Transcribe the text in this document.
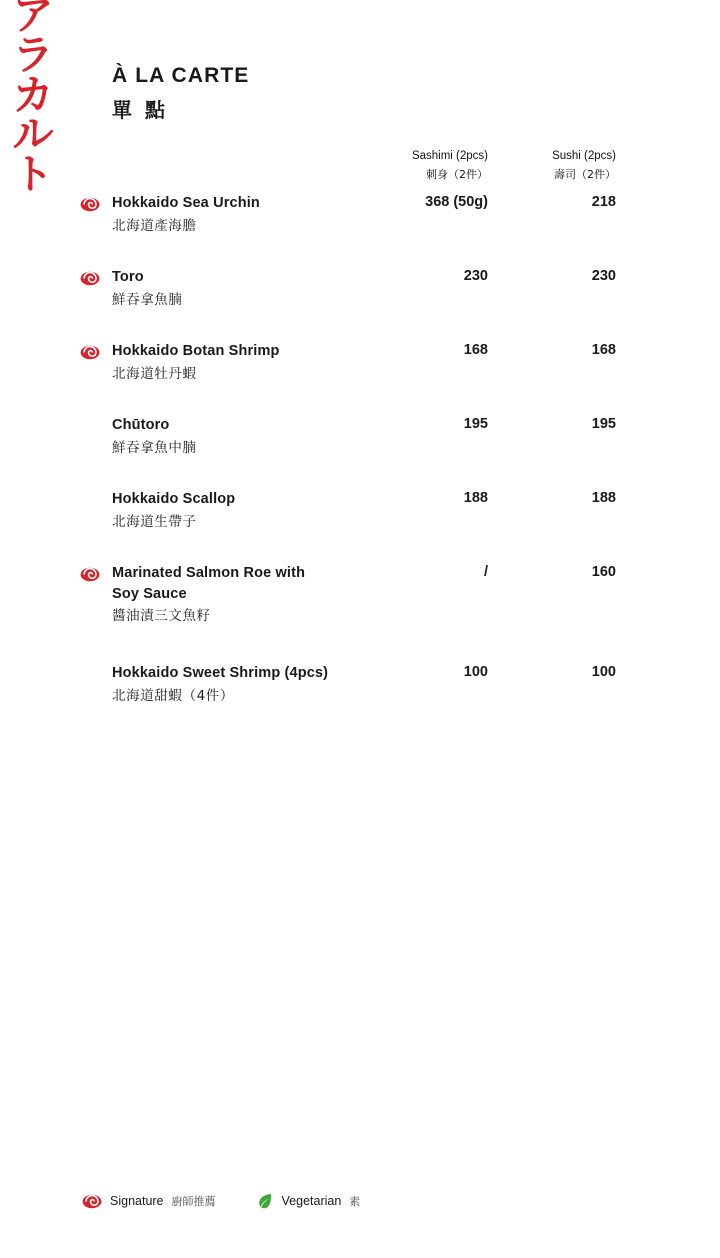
ア
ラ
カ
ル
ト
À LA CARTE
單 點
Sashimi (2pcs)
刺身（2件）
Sushi (2pcs)
壽司（2件）
Hokkaido Sea Urchin
北海道產海膽
368 (50g)	218
Toro
鮮吞拿魚腩
230	230
Hokkaido Botan Shrimp
北海道牡丹蝦
168	168
Chūtoro
鮮吞拿魚中腩
195	195
Hokkaido Scallop
北海道生帶子
188	188
Marinated Salmon Roe with Soy Sauce
醬油漬三文魚籽
/	160
Hokkaido Sweet Shrimp (4pcs)
北海道甜蝦（4件）
100	100
Signature 廚師推薦	Vegetarian 素
